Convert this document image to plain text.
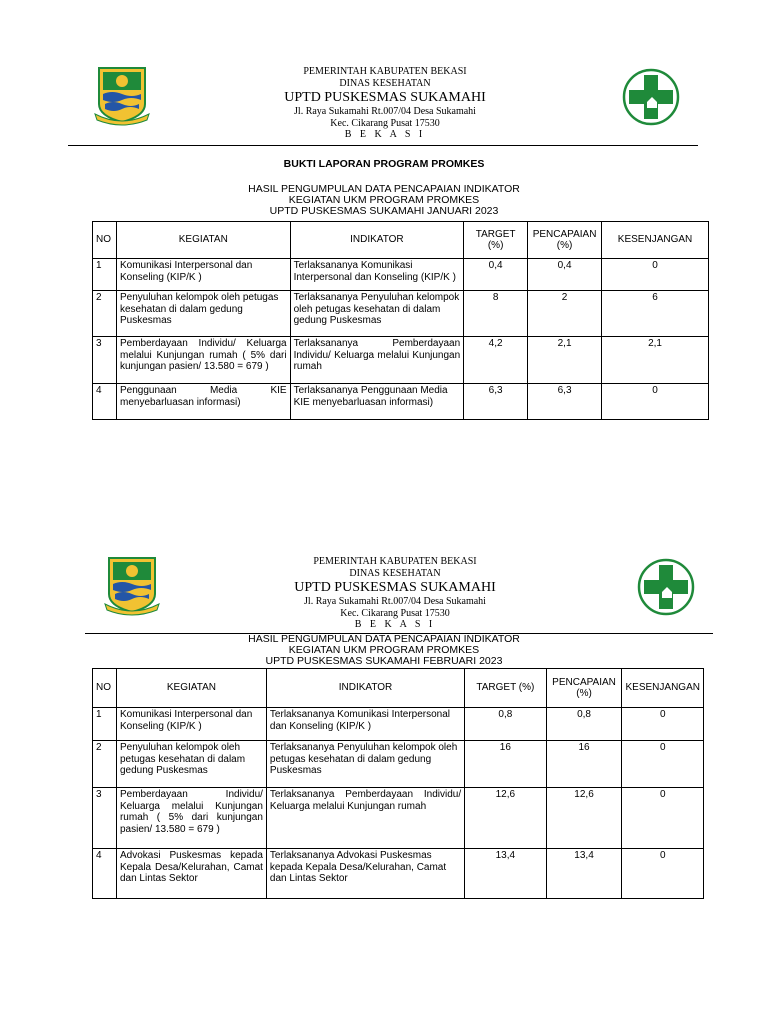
PEMERINTAH KABUPATEN BEKASI
DINAS KESEHATAN
UPTD PUSKESMAS SUKAMAHI
Jl. Raya Sukamahi Rt.007/04 Desa Sukamahi
Kec. Cikarang Pusat 17530
B E K A S I
BUKTI LAPORAN PROGRAM PROMKES
HASIL PENGUMPULAN DATA PENCAPAIAN INDIKATOR
KEGIATAN UKM PROGRAM PROMKES
UPTD PUSKESMAS SUKAMAHI JANUARI 2023
NO	KEGIATAN	INDIKATOR	TARGET (%)	PENCAPAIAN (%)	KESENJANGAN
1	Komunikasi Interpersonal dan Konseling (KIP/K )	Terlaksananya Komunikasi Interpersonal dan Konseling (KIP/K )	0,4	0,4	0
2	Penyuluhan kelompok oleh petugas kesehatan di dalam gedung Puskesmas	Terlaksananya Penyuluhan kelompok oleh petugas kesehatan di dalam gedung Puskesmas	8	2	6
3	Pemberdayaan Individu/ Keluarga melalui Kunjungan rumah ( 5% dari kunjungan pasien/ 13.580 = 679 )	Terlaksananya Pemberdayaan Individu/ Keluarga melalui Kunjungan rumah	4,2	2,1	2,1
4	Penggunaan Media KIE menyebarluasan informasi)	Terlaksananya Penggunaan Media KIE menyebarluasan informasi)	6,3	6,3	0
PEMERINTAH KABUPATEN BEKASI
DINAS KESEHATAN
UPTD PUSKESMAS SUKAMAHI
Jl. Raya Sukamahi Rt.007/04 Desa Sukamahi
Kec. Cikarang Pusat 17530
B E K A S I
HASIL PENGUMPULAN DATA PENCAPAIAN INDIKATOR
KEGIATAN UKM PROGRAM PROMKES
UPTD PUSKESMAS SUKAMAHI FEBRUARI 2023
NO	KEGIATAN	INDIKATOR	TARGET (%)	PENCAPAIAN (%)	KESENJANGAN
1	Komunikasi Interpersonal dan Konseling (KIP/K )	Terlaksananya Komunikasi Interpersonal dan Konseling (KIP/K )	0,8	0,8	0
2	Penyuluhan kelompok oleh petugas kesehatan di dalam gedung Puskesmas	Terlaksananya Penyuluhan kelompok oleh petugas kesehatan di dalam gedung Puskesmas	16	16	0
3	Pemberdayaan Individu/ Keluarga melalui Kunjungan rumah ( 5% dari kunjungan pasien/ 13.580 = 679 )	Terlaksananya Pemberdayaan Individu/ Keluarga melalui Kunjungan rumah	12,6	12,6	0
4	Advokasi Puskesmas kepada Kepala Desa/Kelurahan, Camat dan Lintas Sektor	Terlaksananya Advokasi Puskesmas kepada Kepala Desa/Kelurahan, Camat dan Lintas Sektor	13,4	13,4	0
